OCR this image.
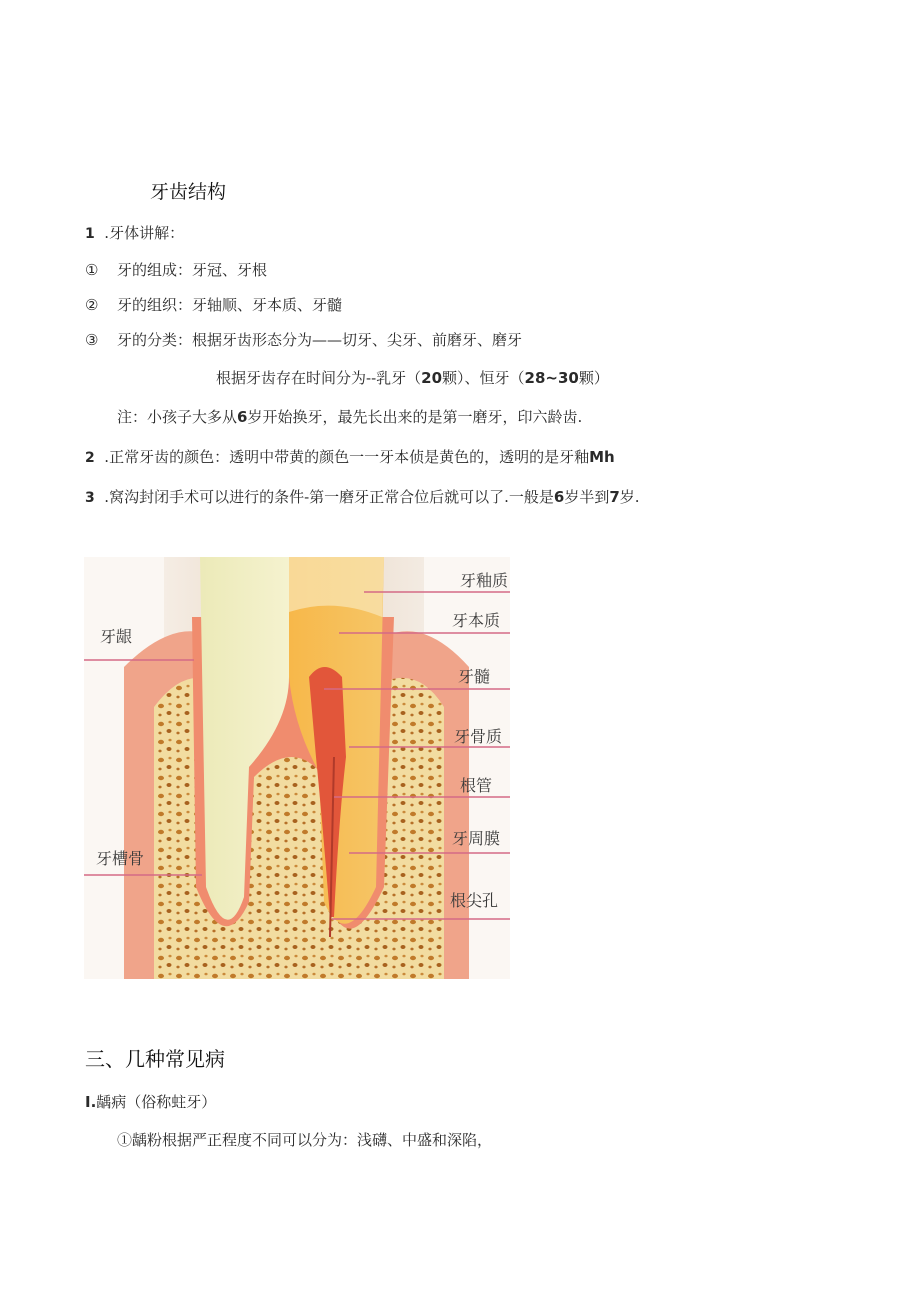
牙齿结构
1 .牙体讲解：
① 牙的组成：牙冠、牙根
② 牙的组织：牙轴顺、牙本质、牙髓
③ 牙的分类：根据牙齿形态分为——切牙、尖牙、前磨牙、磨牙
根据牙齿存在时间分为--乳牙（20颗）、恒牙（28~30颗）
注：小孩子大多从6岁开始换牙，最先长出来的是第一磨牙，印六龄齿.
2 .正常牙齿的颜色：透明中带黄的颜色一一牙本侦是黄色的，透明的是牙釉Mh
3 .窝沟封闭手术可以进行的条件-第一磨牙正常合位后就可以了.一般是6岁半到7岁.
牙龈
牙槽骨
牙釉质
牙本质
牙髓
牙骨质
根管
牙周膜
根尖孔
三、几种常见病
I.龋病（俗称蛀牙）
①龋粉根据严正程度不同可以分为：浅礴、中盛和深陷，
